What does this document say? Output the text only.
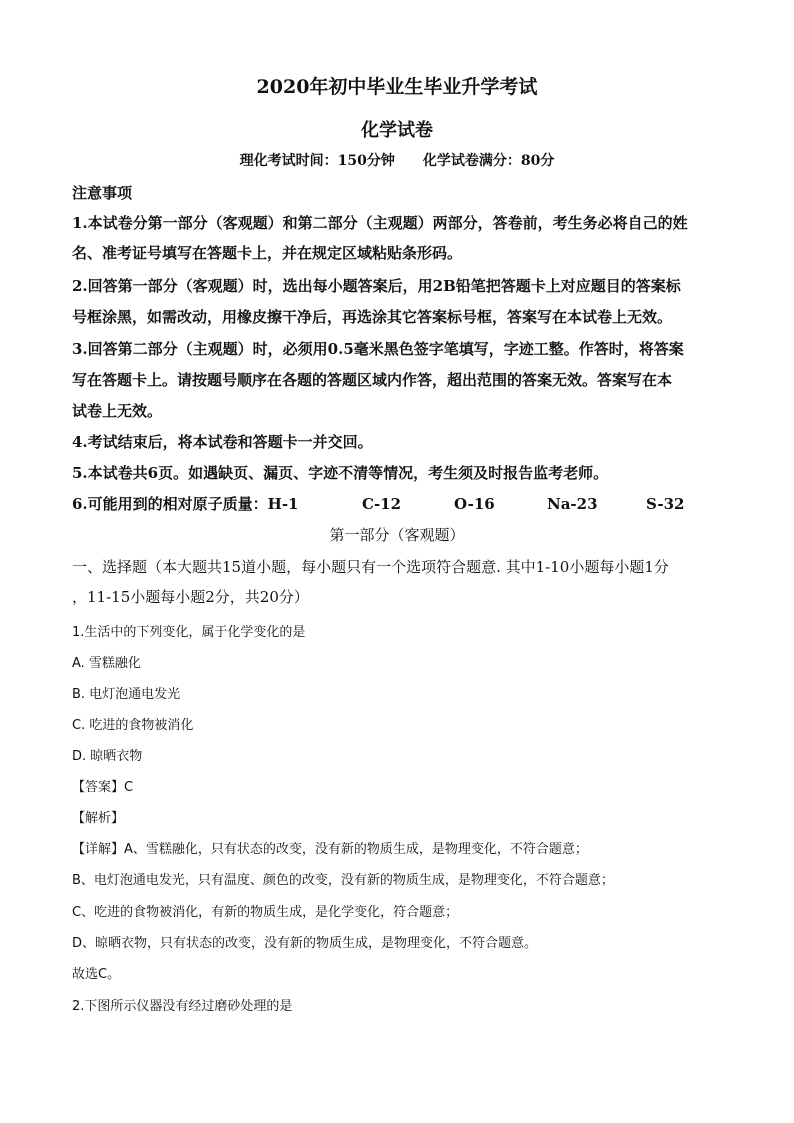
2020年初中毕业生毕业升学考试
化学试卷
理化考试时间：150分钟 化学试卷满分：80分
注意事项
1.本试卷分第一部分（客观题）和第二部分（主观题）两部分，答卷前，考生务必将自己的姓
名、准考证号填写在答题卡上，并在规定区域粘贴条形码。
2.回答第一部分（客观题）时，选出每小题答案后，用2B铅笔把答题卡上对应题目的答案标
号框涂黑，如需改动，用橡皮擦干净后，再选涂其它答案标号框，答案写在本试卷上无效。
3.回答第二部分（主观题）时，必须用0.5毫米黑色签字笔填写，字迹工整。作答时，将答案
写在答题卡上。请按题号顺序在各题的答题区域内作答，超出范围的答案无效。答案写在本
试卷上无效。
4.考试结束后，将本试卷和答题卡一并交回。
5.本试卷共6页。如遇缺页、漏页、字迹不清等情况，考生须及时报告监考老师。
6.可能用到的相对原子质量：H-1	C-12	O-16	Na-23	S-32
第一部分（客观题）
一、选择题（本大题共15道小题，每小题只有一个选项符合题意. 其中1-10小题每小题1分
，11-15小题每小题2分，共20分）
1.生活中的下列变化，属于化学变化的是
A. 雪糕融化
B. 电灯泡通电发光
C. 吃进的食物被消化
D. 晾晒衣物
【答案】C
【解析】
【详解】A、雪糕融化，只有状态的改变，没有新的物质生成，是物理变化，不符合题意；
B、电灯泡通电发光，只有温度、颜色的改变，没有新的物质生成，是物理变化，不符合题意；
C、吃进的食物被消化，有新的物质生成，是化学变化，符合题意；
D、晾晒衣物，只有状态的改变，没有新的物质生成，是物理变化，不符合题意。
故选C。
2.下图所示仪器没有经过磨砂处理的是
